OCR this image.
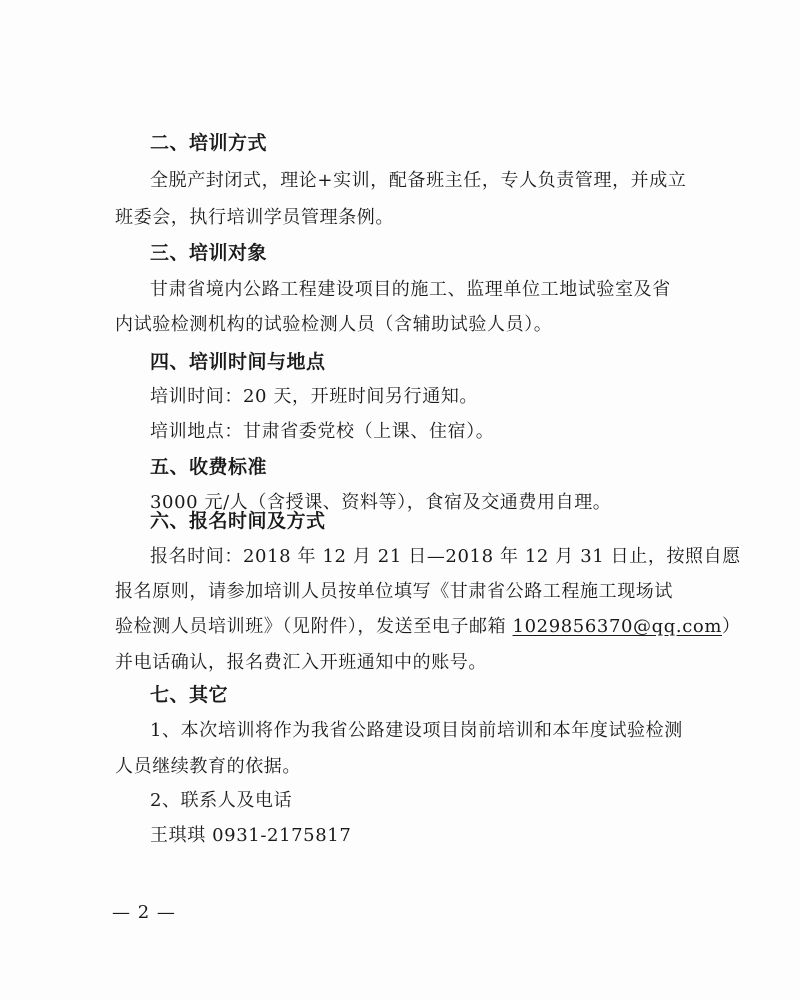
二、培训方式
全脱产封闭式，理论+实训，配备班主任，专人负责管理，并成立
班委会，执行培训学员管理条例。
三、培训对象
甘肃省境内公路工程建设项目的施工、监理单位工地试验室及省
内试验检测机构的试验检测人员（含辅助试验人员）。
四、培训时间与地点
培训时间：20 天，开班时间另行通知。
培训地点：甘肃省委党校（上课、住宿）。
五、收费标准
3000 元/人（含授课、资料等），食宿及交通费用自理。
六、报名时间及方式
报名时间：2018 年 12 月 21 日—2018 年 12 月 31 日止，按照自愿
报名原则，请参加培训人员按单位填写《甘肃省公路工程施工现场试
验检测人员培训班》（见附件），发送至电子邮箱 1029856370@qq.com）
并电话确认，报名费汇入开班通知中的账号。
七、其它
1、本次培训将作为我省公路建设项目岗前培训和本年度试验检测
人员继续教育的依据。
2、联系人及电话
王琪琪 0931-2175817
— 2 —
